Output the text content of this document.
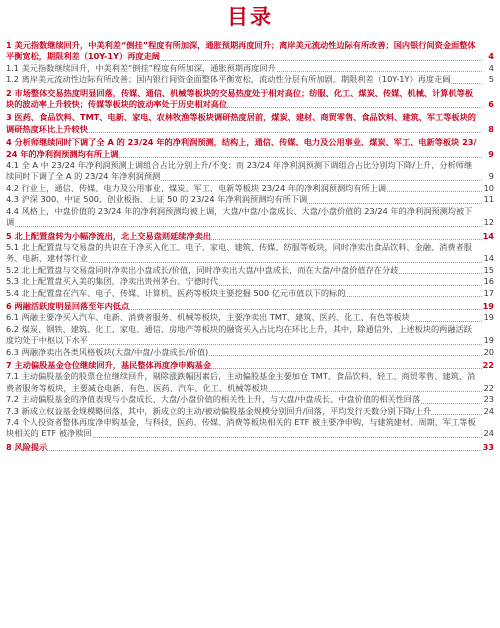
目录
1 美元指数继续回升，中美利差“倒挂”程度有所加深，通胀预期再度回升；离岸美元流动性边际有所改善；国内银行间资金面整体平衡宽松，期限利差（10Y-1Y）再度走阔	4
1.1 美元指数继续回升，中美利差“倒挂”程度有所加深，通胀预期再度回升	4
1.2 离岸美元流动性边际有所改善；国内银行间资金面整体平衡宽松，流动性分层有所加剧，期限利差（10Y-1Y）再度走阔	5
2 市场整体交易热度明显回落，传媒、通信、机械等板块的交易热度处于相对高位；纺服、化工、煤炭、传媒、机械、计算机等板块的波动率上升较快；传媒等板块的波动率处于历史相对高位	6
3 医药、食品饮料、TMT、电新、家电、农林牧渔等板块调研热度居前，煤炭、建材、商贸零售、食品饮料、建筑、军工等板块的调研热度环比上升较快	8
4 分析师继续同时下调了全 A 的 23/24 年的净利润预测，结构上，通信、传媒、电力及公用事业、煤炭、军工、电新等板块 23/24 年的净利润预测均有所上调	9
4.1 全 A 中 23/24 年净利润预测上调组合占比分别上升/不变；而 23/24 年净利润预测下调组合占比分别均下降/上升，分析师继续同时下调了全 A 的 23/24 年净利润预测	9
4.2 行业上，通信、传媒、电力及公用事业、煤炭、军工、电新等板块 23/24 年的净利润预测均有所上调	10
4.3 沪深 300、中证 500、创业板指、上证 50 的 23/24 年净利润预测均有所下调	11
4.4 风格上，中盘价值的 23/24 年的净利润预测均被上调，大盘/中盘/小盘成长、大盘/小盘价值的 23/24 年的净利润预测均被下调	12
5 北上配置盘转为小幅净流出，北上交易盘则延续净卖出	14
5.1 北上配置盘与交易盘的共识在于净买入化工、电子、家电、建筑、传媒、纺服等板块，同时净卖出食品饮料、金融、消费者服务、电新、建材等行业	14
5.2 北上配置盘与交易盘同时净卖出小盘成长/价值，同时净卖出大盘/中盘成长，而在大盘/中盘价值存在分歧	15
5.3 北上配置盘买入美的集团，净卖出贵州茅台、宁德时代	16
5.4 北上配置盘在汽车、电子、传媒、计算机、医药等板块主要挖掘 500 亿元市值以下的标的	17
6 两融活跃度明显回落至年内低点	19
6.1 两融主要净买入汽车、电新、消费者服务、机械等板块，主要净卖出 TMT、建筑、医药、化工、有色等板块	19
6.2 煤炭、钢铁、建筑、化工、家电、通信、房地产等板块的融资买入占比均在环比上升，其中，除通信外，上述板块的两融活跃度均处于中枢以下水平	19
6.3 两融净卖出各类风格板块(大盘/中盘/小盘成长/价值)	20
7 主动偏股基金仓位继续回升，基民整体再度净申购基金	22
7.1 主动偏股基金的股票仓位继续回升，剔除涨跌幅因素后，主动偏股基金主要加仓 TMT、食品饮料、轻工、商贸零售、建筑、消费者服务等板块，主要减仓电新、有色、医药、汽车、化工、机械等板块	22
7.2 主动偏股基金的净值表现与小盘成长、大盘/小盘价值的相关性上升，与大盘/中盘成长、中盘价值的相关性回落	23
7.3 新成立权益基金规模略回落，其中，新成立的主动/被动偏股基金规模分别回升/回落，平均发行天数分别下降/上升	24
7.4 个人投资者整体再度净申购基金，与科技、医药、传媒、消费等板块相关的 ETF 被主要净申购，与建筑建材、周期、军工等板块相关的 ETF 被净赎回	24
8 风险提示	33
